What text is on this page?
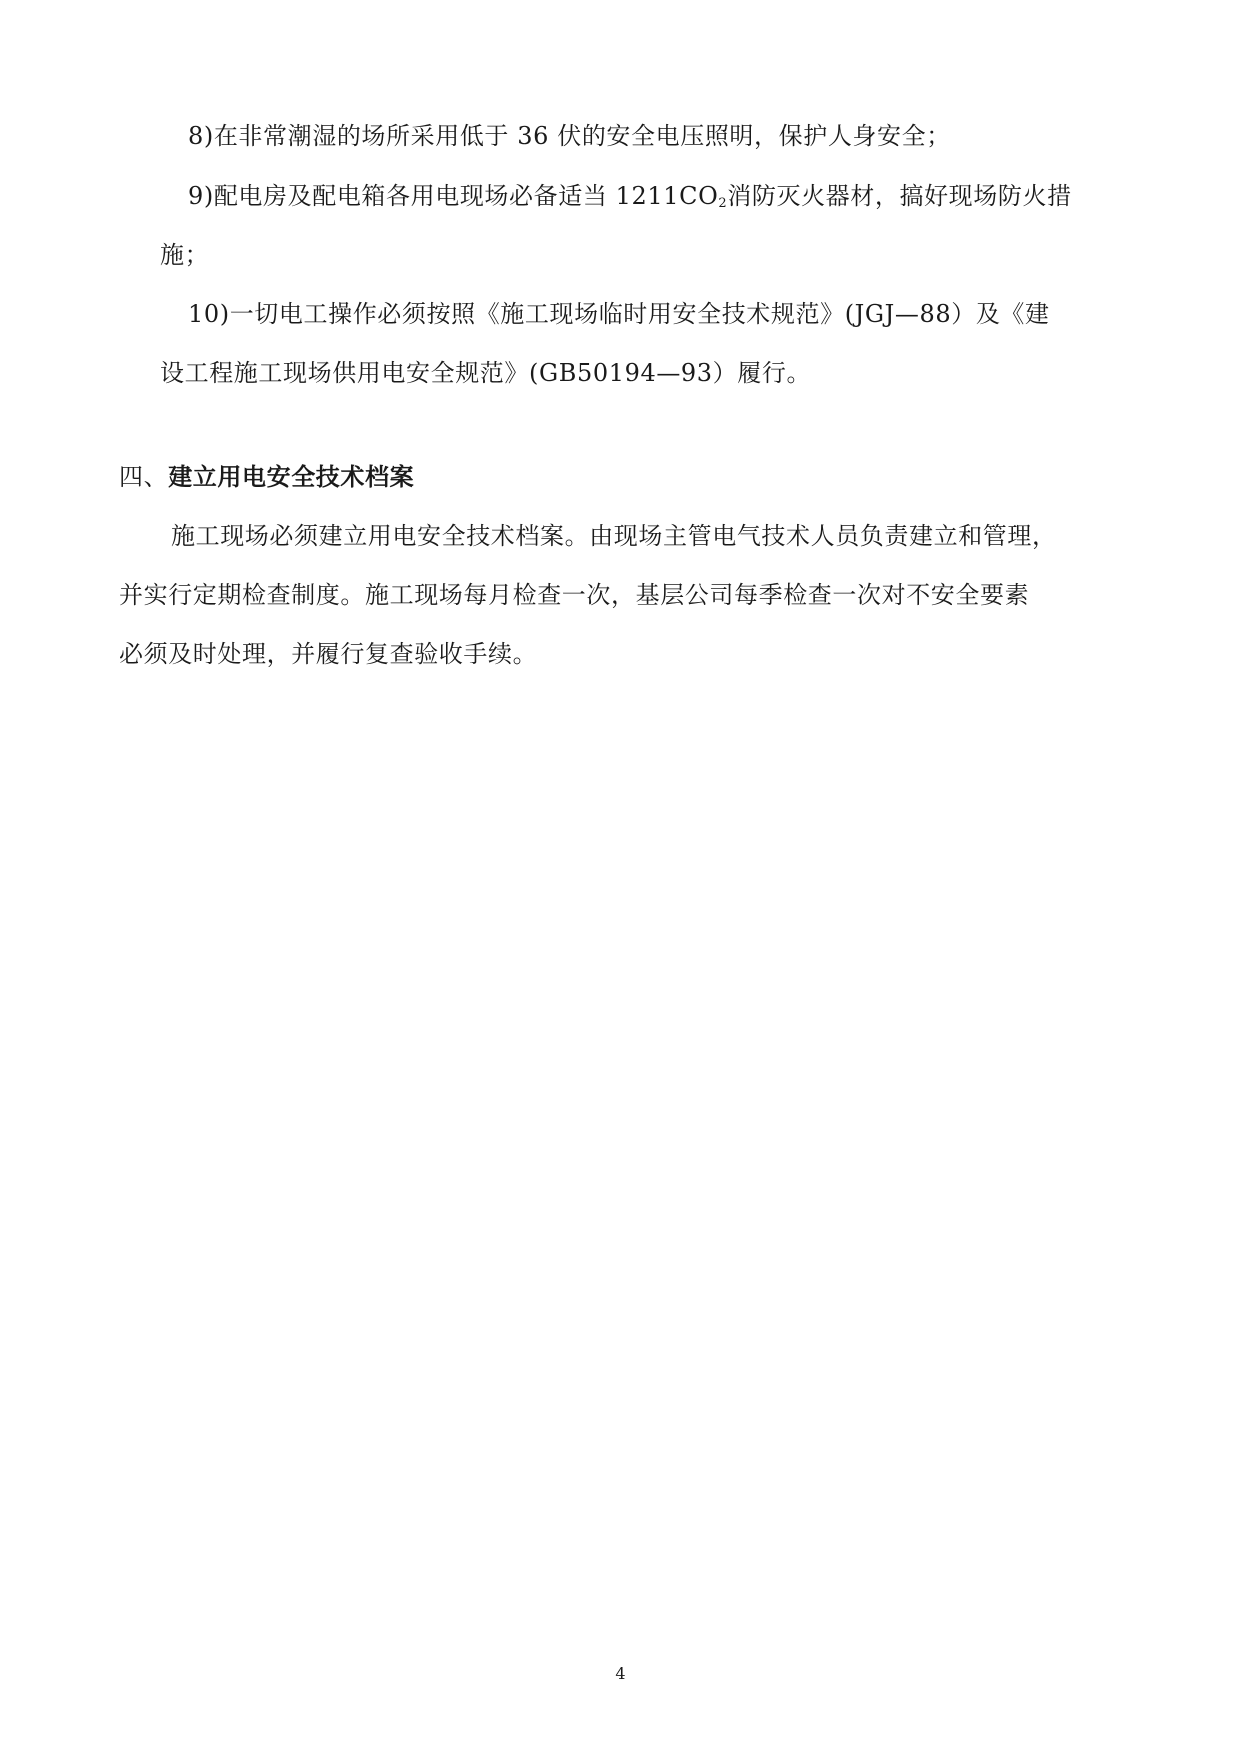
8)在非常潮湿的场所采用低于 36 伏的安全电压照明，保护人身安全；
9)配电房及配电箱各用电现场必备适当 $1211CO_2$消防灭火器材，搞好现场防火措
施；
10)一切电工操作必须按照《施工现场临时用安全技术规范》(JGJ—88）及《建
设工程施工现场供用电安全规范》(GB50194—93）履行。
四、建立用电安全技术档案
施工现场必须建立用电安全技术档案。由现场主管电气技术人员负责建立和管理，
并实行定期检查制度。施工现场每月检查一次，基层公司每季检查一次对不安全要素
必须及时处理，并履行复查验收手续。
4
